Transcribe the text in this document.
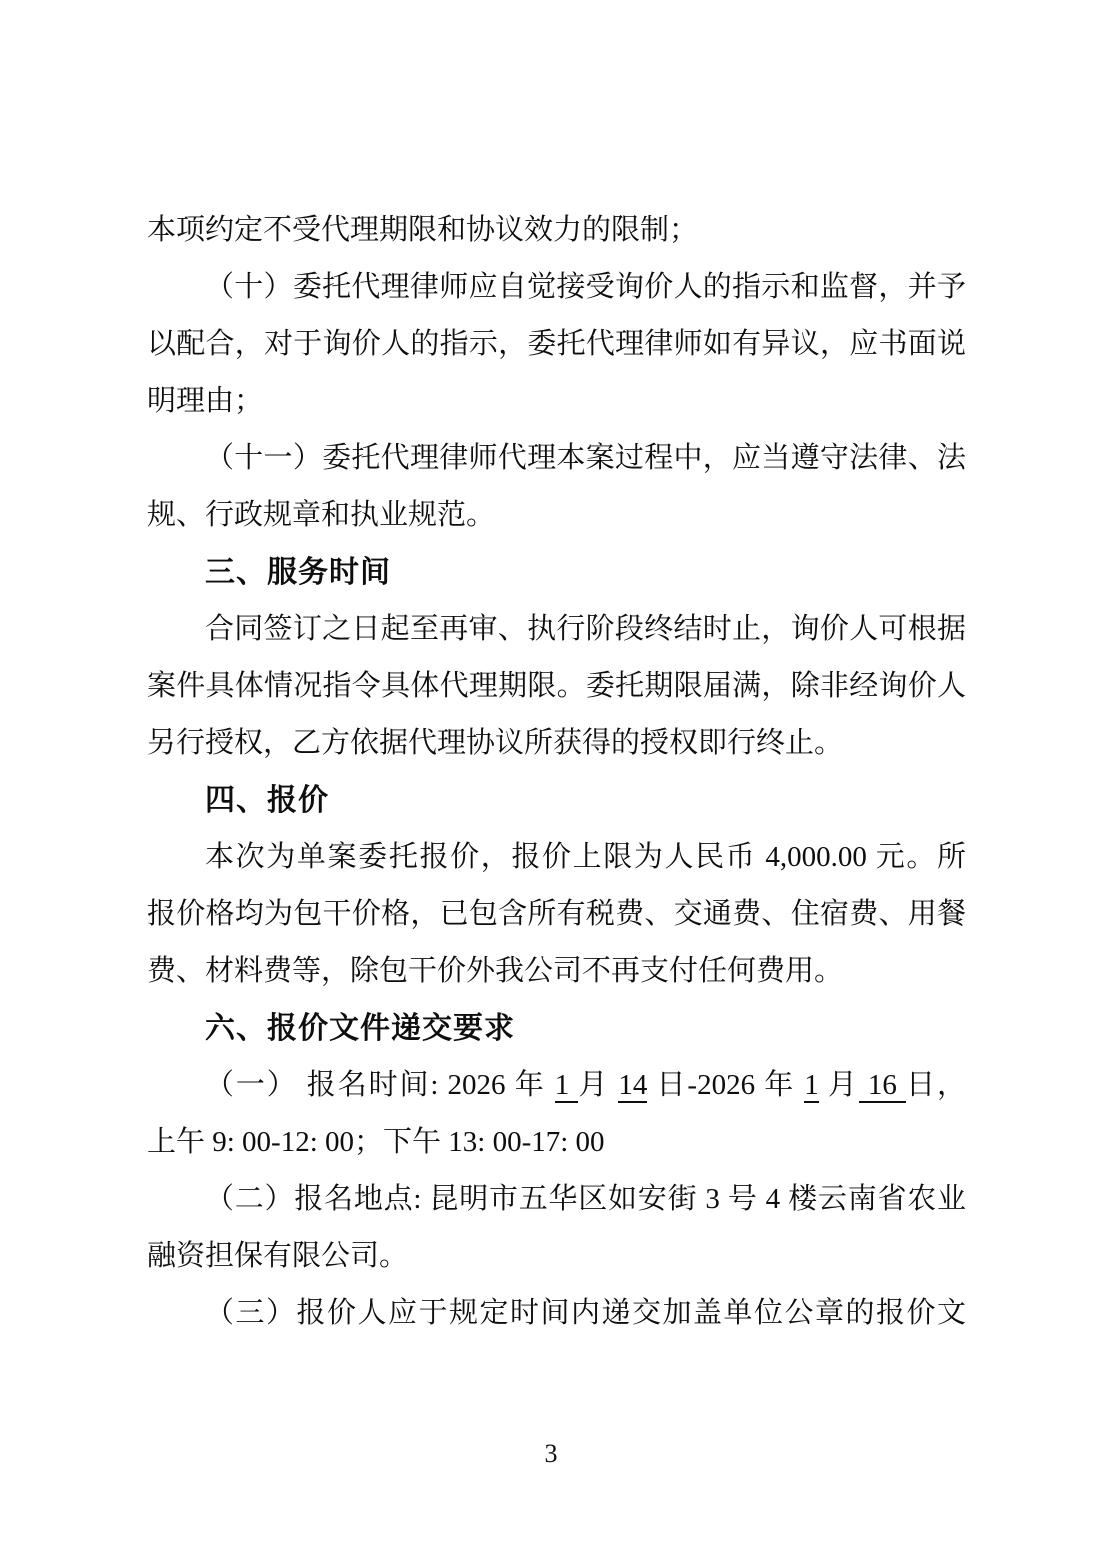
本项约定不受代理期限和协议效力的限制；
（十）委托代理律师应自觉接受询价人的指示和监督，并予
以配合，对于询价人的指示，委托代理律师如有异议，应书面说
明理由；
（十一）委托代理律师代理本案过程中，应当遵守法律、法
规、行政规章和执业规范。
三、服务时间
合同签订之日起至再审、执行阶段终结时止，询价人可根据
案件具体情况指令具体代理期限。委托期限届满，除非经询价人
另行授权，乙方依据代理协议所获得的授权即行终止。
四、报价
本次为单案委托报价，报价上限为人民币 4,000.00 元。所
报价格均为包干价格，已包含所有税费、交通费、住宿费、用餐
费、材料费等，除包干价外我公司不再支付任何费用。
六、报价文件递交要求
（一） 报名时间: 2026 年 1 月 14 日-2026 年 1 月 16 日，
上午 9: 00-12: 00；下午 13: 00-17: 00
（二）报名地点: 昆明市五华区如安街 3 号 4 楼云南省农业
融资担保有限公司。
（三）报价人应于规定时间内递交加盖单位公章的报价文
3
